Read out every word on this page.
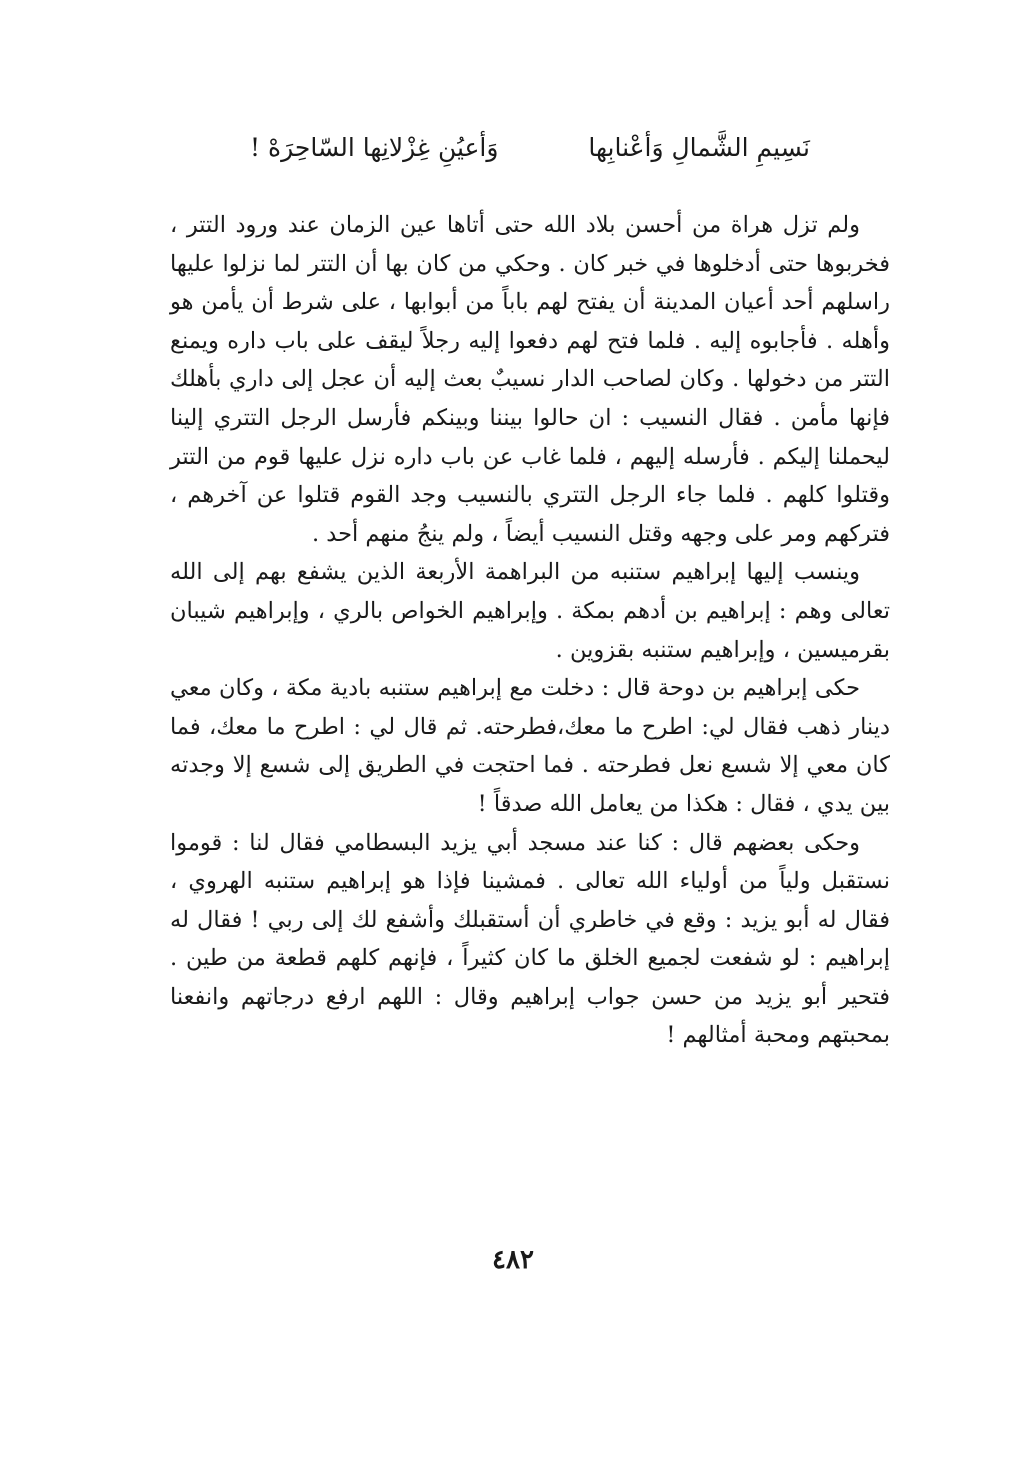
نَسِيمِ الشَّمالِ وَأعْنابِها
وَأعيُنِ غِزْلانِها السّاحِرَهْ !

ولم تزل هراة من أحسن بلاد الله حتى أتاها عين الزمان عند ورود التتر ، فخربوها حتى أدخلوها في خبر كان . وحكي من كان بها أن التتر لما نزلوا عليها راسلهم أحد أعيان المدينة أن يفتح لهم باباً من أبوابها ، على شرط أن يأمن هو وأهله . فأجابوه إليه . فلما فتح لهم دفعوا إليه رجلاً ليقف على باب داره ويمنع التتر من دخولها . وكان لصاحب الدار نسيبٌ بعث إليه أن عجل إلى داري بأهلك فإنها مأمن . فقال النسيب : ان حالوا بيننا وبينكم فأرسل الرجل التتري إلينا ليحملنا إليكم . فأرسله إليهم ، فلما غاب عن باب داره نزل عليها قوم من التتر وقتلوا كلهم . فلما جاء الرجل التتري بالنسيب وجد القوم قتلوا عن آخرهم ، فتركهم ومر على وجهه وقتل النسيب أيضاً ، ولم ينجُ منهم أحد .

وينسب إليها إبراهيم ستنبه من البراهمة الأربعة الذين يشفع بهم إلى الله تعالى وهم : إبراهيم بن أدهم بمكة . وإبراهيم الخواص بالري ، وإبراهيم شيبان بقرميسين ، وإبراهيم ستنبه بقزوين .

حكى إبراهيم بن دوحة قال : دخلت مع إبراهيم ستنبه بادية مكة ، وكان معي دينار ذهب فقال لي: اطرح ما معك،فطرحته. ثم قال لي : اطرح ما معك، فما كان معي إلا شسع نعل فطرحته . فما احتجت في الطريق إلى شسع إلا وجدته بين يدي ، فقال : هكذا من يعامل الله صدقاً !

وحكى بعضهم قال : كنا عند مسجد أبي يزيد البسطامي فقال لنا : قوموا نستقبل ولياً من أولياء الله تعالى . فمشينا فإذا هو إبراهيم ستنبه الهروي ، فقال له أبو يزيد : وقع في خاطري أن أستقبلك وأشفع لك إلى ربي ! فقال له إبراهيم : لو شفعت لجميع الخلق ما كان كثيراً ، فإنهم كلهم قطعة من طين . فتحير أبو يزيد من حسن جواب إبراهيم وقال : اللهم ارفع درجاتهم وانفعنا بمحبتهم ومحبة أمثالهم !

٤٨٢
